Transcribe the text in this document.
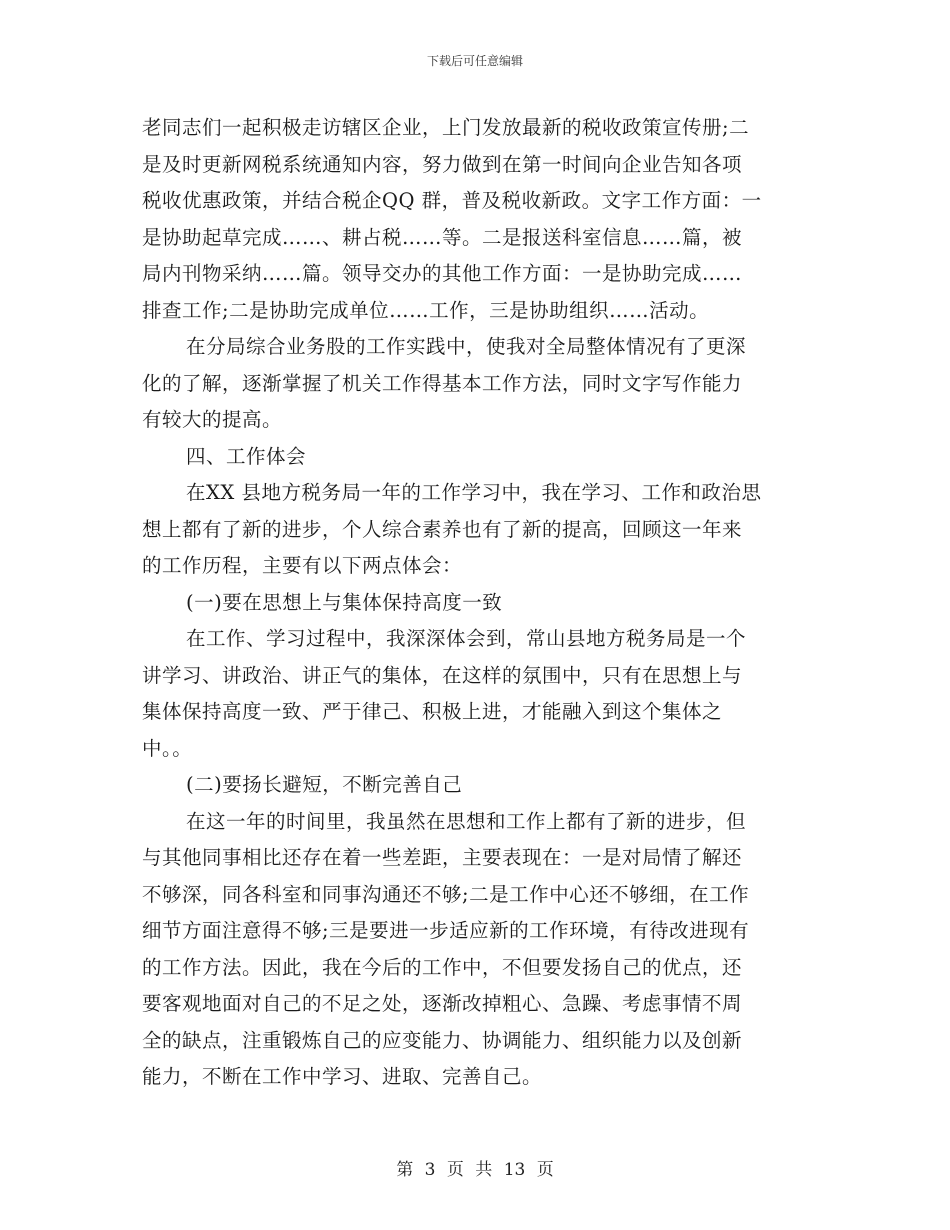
下载后可任意编辑
老同志们一起积极走访辖区企业，上门发放最新的税收政策宣传册;二
是及时更新网税系统通知内容，努力做到在第一时间向企业告知各项
税收优惠政策，并结合税企QQ 群，普及税收新政。文字工作方面：一
是协助起草完成……、耕占税……等。二是报送科室信息……篇，被
局内刊物采纳……篇。领导交办的其他工作方面：一是协助完成……
排查工作;二是协助完成单位……工作，三是协助组织……活动。
在分局综合业务股的工作实践中，使我对全局整体情况有了更深
化的了解，逐渐掌握了机关工作得基本工作方法，同时文字写作能力
有较大的提高。
四、工作体会
在XX 县地方税务局一年的工作学习中，我在学习、工作和政治思
想上都有了新的进步，个人综合素养也有了新的提高，回顾这一年来
的工作历程，主要有以下两点体会：
(一)要在思想上与集体保持高度一致
在工作、学习过程中，我深深体会到，常山县地方税务局是一个
讲学习、讲政治、讲正气的集体，在这样的氛围中，只有在思想上与
集体保持高度一致、严于律己、积极上进，才能融入到这个集体之
中。。
(二)要扬长避短，不断完善自己
在这一年的时间里，我虽然在思想和工作上都有了新的进步，但
与其他同事相比还存在着一些差距，主要表现在：一是对局情了解还
不够深，同各科室和同事沟通还不够;二是工作中心还不够细，在工作
细节方面注意得不够;三是要进一步适应新的工作环境，有待改进现有
的工作方法。因此，我在今后的工作中，不但要发扬自己的优点，还
要客观地面对自己的不足之处，逐渐改掉粗心、急躁、考虑事情不周
全的缺点，注重锻炼自己的应变能力、协调能力、组织能力以及创新
能力，不断在工作中学习、进取、完善自己。
第 3 页 共 13 页
